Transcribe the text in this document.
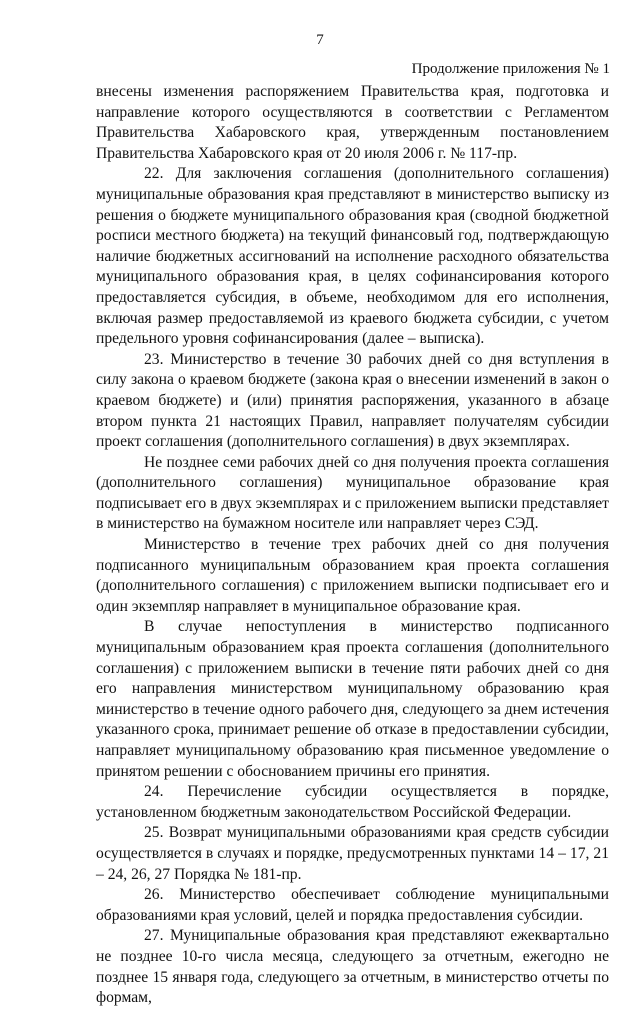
7
Продолжение приложения № 1

внесены изменения распоряжением Правительства края, подготовка и направление которого осуществляются в соответствии с Регламентом Правительства Хабаровского края, утвержденным постановлением Правительства Хабаровского края от 20 июля 2006 г. № 117-пр.

22. Для заключения соглашения (дополнительного соглашения) муниципальные образования края представляют в министерство выписку из решения о бюджете муниципального образования края (сводной бюджетной росписи местного бюджета) на текущий финансовый год, подтверждающую наличие бюджетных ассигнований на исполнение расходного обязательства муниципального образования края, в целях софинансирования которого предоставляется субсидия, в объеме, необходимом для его исполнения, включая размер предоставляемой из краевого бюджета субсидии, с учетом предельного уровня софинансирования (далее – выписка).

23. Министерство в течение 30 рабочих дней со дня вступления в силу закона о краевом бюджете (закона края о внесении изменений в закон о краевом бюджете) и (или) принятия распоряжения, указанного в абзаце втором пункта 21 настоящих Правил, направляет получателям субсидии проект соглашения (дополнительного соглашения) в двух экземплярах.

Не позднее семи рабочих дней со дня получения проекта соглашения (дополнительного соглашения) муниципальное образование края подписывает его в двух экземплярах и с приложением выписки представляет в министерство на бумажном носителе или направляет через СЭД.

Министерство в течение трех рабочих дней со дня получения подписанного муниципальным образованием края проекта соглашения (дополнительного соглашения) с приложением выписки подписывает его и один экземпляр направляет в муниципальное образование края.

В случае непоступления в министерство подписанного муниципальным образованием края проекта соглашения (дополнительного соглашения) с приложением выписки в течение пяти рабочих дней со дня его направления министерством муниципальному образованию края министерство в течение одного рабочего дня, следующего за днем истечения указанного срока, принимает решение об отказе в предоставлении субсидии, направляет муниципальному образованию края письменное уведомление о принятом решении с обоснованием причины его принятия.

24. Перечисление субсидии осуществляется в порядке, установленном бюджетным законодательством Российской Федерации.

25. Возврат муниципальными образованиями края средств субсидии осуществляется в случаях и порядке, предусмотренных пунктами 14 – 17, 21 – 24, 26, 27 Порядка № 181-пр.

26. Министерство обеспечивает соблюдение муниципальными образованиями края условий, целей и порядка предоставления субсидии.

27. Муниципальные образования края представляют ежеквартально не позднее 10-го числа месяца, следующего за отчетным, ежегодно не позднее 15 января года, следующего за отчетным, в министерство отчеты по формам,
